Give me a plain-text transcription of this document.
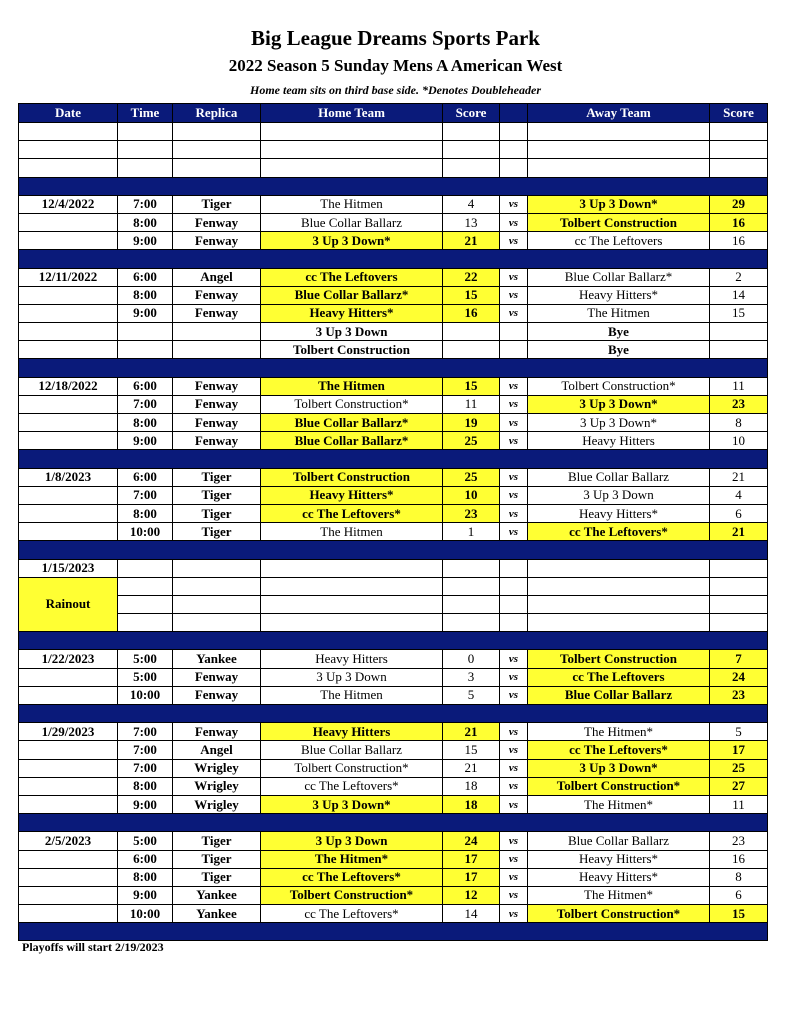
Big League Dreams Sports Park
2022 Season 5 Sunday Mens A American West
Home team sits on third base side. *Denotes Doubleheader
Date	Time	Replica	Home Team	Score		Away Team	Score

12/4/2022	7:00	Tiger	The Hitmen	4	vs	3 Up 3 Down*	29
	8:00	Fenway	Blue Collar Ballarz	13	vs	Tolbert Construction	16
	9:00	Fenway	3 Up 3 Down*	21	vs	cc The Leftovers	16

12/11/2022	6:00	Angel	cc The Leftovers	22	vs	Blue Collar Ballarz*	2
	8:00	Fenway	Blue Collar Ballarz*	15	vs	Heavy Hitters*	14
	9:00	Fenway	Heavy Hitters*	16	vs	The Hitmen	15
			3 Up 3 Down			Bye	
			Tolbert Construction			Bye	

12/18/2022	6:00	Fenway	The Hitmen	15	vs	Tolbert Construction*	11
	7:00	Fenway	Tolbert Construction*	11	vs	3 Up 3 Down*	23
	8:00	Fenway	Blue Collar Ballarz*	19	vs	3 Up 3 Down*	8
	9:00	Fenway	Blue Collar Ballarz*	25	vs	Heavy Hitters	10

1/8/2023	6:00	Tiger	Tolbert Construction	25	vs	Blue Collar Ballarz	21
	7:00	Tiger	Heavy Hitters*	10	vs	3 Up 3 Down	4
	8:00	Tiger	cc The Leftovers*	23	vs	Heavy Hitters*	6
	10:00	Tiger	The Hitmen	1	vs	cc The Leftovers*	21

1/15/2023							
Rainout							

1/22/2023	5:00	Yankee	Heavy Hitters	0	vs	Tolbert Construction	7
	5:00	Fenway	3 Up 3 Down	3	vs	cc The Leftovers	24
	10:00	Fenway	The Hitmen	5	vs	Blue Collar Ballarz	23

1/29/2023	7:00	Fenway	Heavy Hitters	21	vs	The Hitmen*	5
	7:00	Angel	Blue Collar Ballarz	15	vs	cc The Leftovers*	17
	7:00	Wrigley	Tolbert Construction*	21	vs	3 Up 3 Down*	25
	8:00	Wrigley	cc The Leftovers*	18	vs	Tolbert Construction*	27
	9:00	Wrigley	3 Up 3 Down*	18	vs	The Hitmen*	11

2/5/2023	5:00	Tiger	3 Up 3 Down	24	vs	Blue Collar Ballarz	23
	6:00	Tiger	The Hitmen*	17	vs	Heavy Hitters*	16
	8:00	Tiger	cc The Leftovers*	17	vs	Heavy Hitters*	8
	9:00	Yankee	Tolbert Construction*	12	vs	The Hitmen*	6
	10:00	Yankee	cc The Leftovers*	14	vs	Tolbert Construction*	15

Playoffs will start 2/19/2023
